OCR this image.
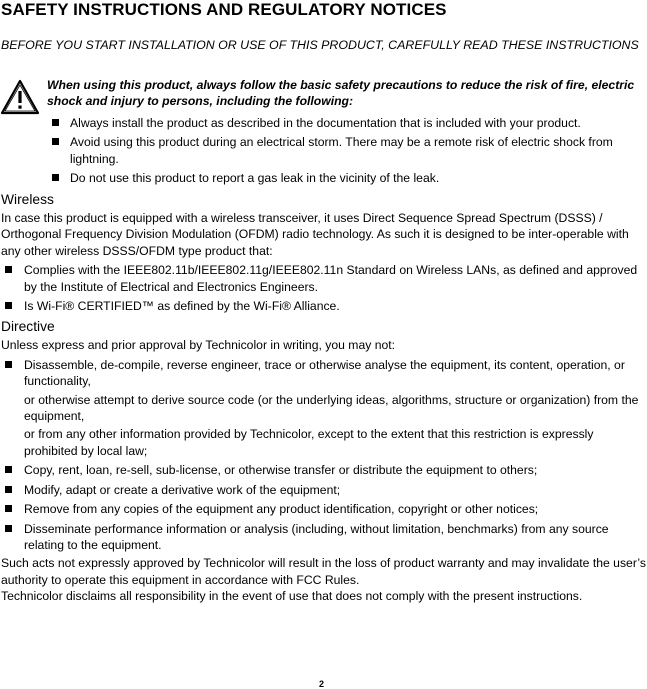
SAFETY INSTRUCTIONS AND REGULATORY NOTICES

BEFORE YOU START INSTALLATION OR USE OF THIS PRODUCT, CAREFULLY READ THESE INSTRUCTIONS

When using this product, always follow the basic safety precautions to reduce the risk of fire, electric shock and injury to persons, including the following:

Always install the product as described in the documentation that is included with your product.
Avoid using this product during an electrical storm. There may be a remote risk of electric shock from lightning.
Do not use this product to report a gas leak in the vicinity of the leak.
Wireless

In case this product is equipped with a wireless transceiver, it uses Direct Sequence Spread Spectrum (DSSS) / Orthogonal Frequency Division Modulation (OFDM) radio technology. As such it is designed to be inter-operable with any other wireless DSSS/OFDM type product that:

Complies with the IEEE802.11b/IEEE802.11g/IEEE802.11n Standard on Wireless LANs, as defined and approved by the Institute of Electrical and Electronics Engineers.
Is Wi-Fi® CERTIFIED™ as defined by the Wi-Fi® Alliance.
Directive

Unless express and prior approval by Technicolor in writing, you may not:

Disassemble, de-compile, reverse engineer, trace or otherwise analyse the equipment, its content, operation, or functionality,
or otherwise attempt to derive source code (or the underlying ideas, algorithms, structure or organization) from the equipment,
or from any other information provided by Technicolor, except to the extent that this restriction is expressly prohibited by local law;
Copy, rent, loan, re-sell, sub-license, or otherwise transfer or distribute the equipment to others;
Modify, adapt or create a derivative work of the equipment;
Remove from any copies of the equipment any product identification, copyright or other notices;
Disseminate performance information or analysis (including, without limitation, benchmarks) from any source relating to the equipment.

Such acts not expressly approved by Technicolor will result in the loss of product warranty and may invalidate the user’s authority to operate this equipment in accordance with FCC Rules.

Technicolor disclaims all responsibility in the event of use that does not comply with the present instructions.

2
